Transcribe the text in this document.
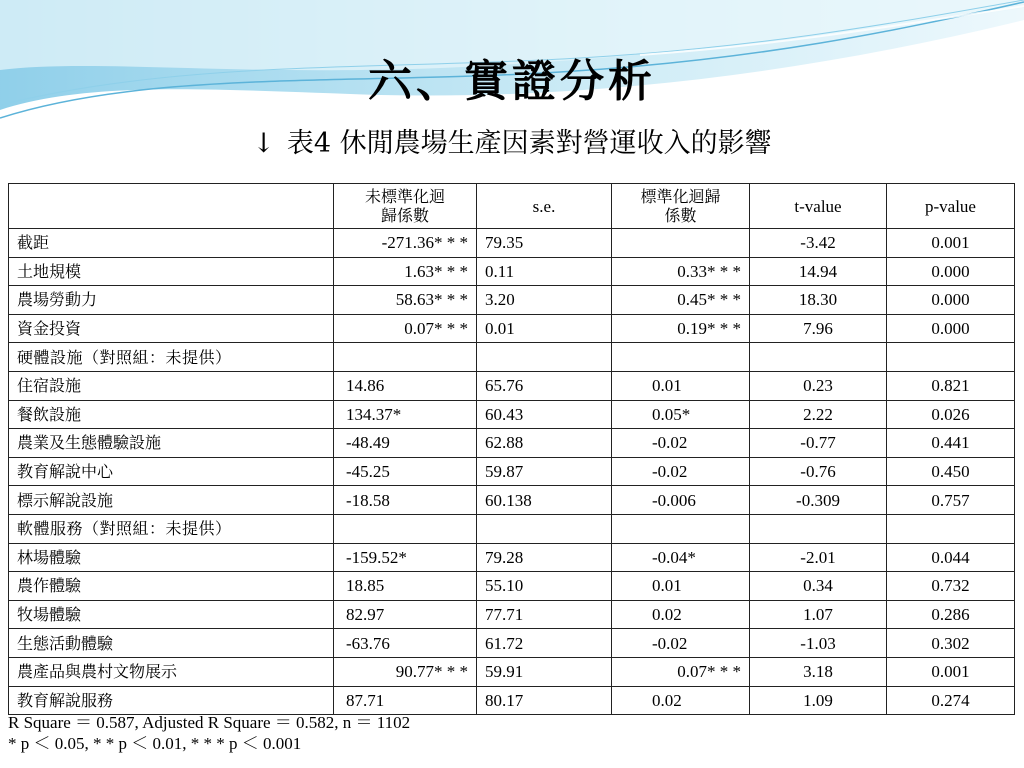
六、實證分析
↓ 表4 休閒農場生產因素對營運收入的影響
	未標準化迴
歸係數	s.e.	標準化迴歸
係數	t-value	p-value
截距	-271.36* * *	79.35		-3.42	0.001
土地規模	1.63* * *	0.11	0.33* * *	14.94	0.000
農場勞動力	58.63* * *	3.20	0.45* * *	18.30	0.000
資金投資	0.07* * *	0.01	0.19* * *	7.96	0.000
硬體設施（對照組：未提供）					
住宿設施	14.86	65.76	0.01	0.23	0.821
餐飲設施	134.37*	60.43	0.05*	2.22	0.026
農業及生態體驗設施	-48.49	62.88	-0.02	-0.77	0.441
教育解說中心	-45.25	59.87	-0.02	-0.76	0.450
標示解說設施	-18.58	60.138	-0.006	-0.309	0.757
軟體服務（對照組：未提供）					
林場體驗	-159.52*	79.28	-0.04*	-2.01	0.044
農作體驗	18.85	55.10	0.01	0.34	0.732
牧場體驗	82.97	77.71	0.02	1.07	0.286
生態活動體驗	-63.76	61.72	-0.02	-1.03	0.302
農產品與農村文物展示	90.77* * *	59.91	0.07* * *	3.18	0.001
教育解說服務	87.71	80.17	0.02	1.09	0.274
R Square ＝ 0.587, Adjusted R Square ＝ 0.582, n ＝ 1102
* p ＜ 0.05, * * p ＜ 0.01, * * * p ＜ 0.001
